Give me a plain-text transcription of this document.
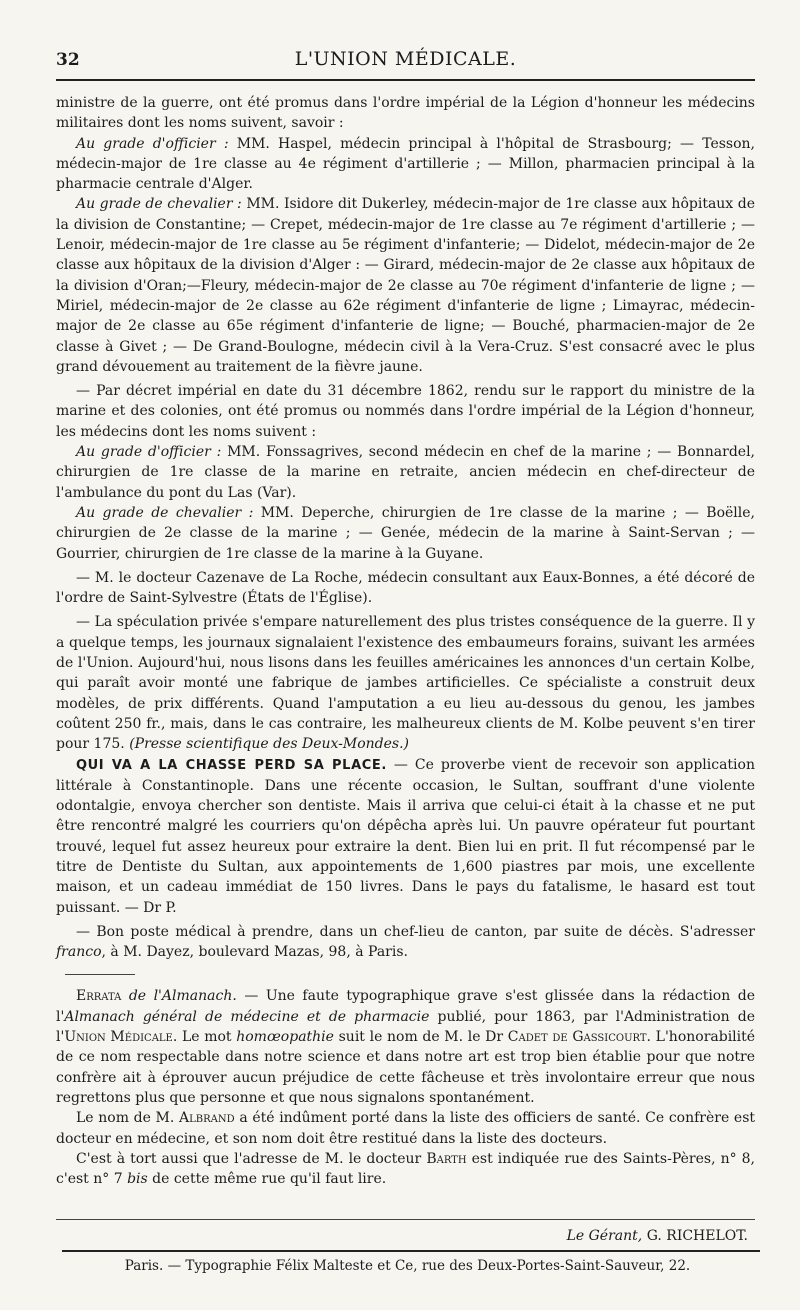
32	L'UNION MÉDICALE.

ministre de la guerre, ont été promus dans l'ordre impérial de la Légion d'honneur les médecins militaires dont les noms suivent, savoir :

Au grade d'officier : MM. Haspel, médecin principal à l'hôpital de Strasbourg; — Tesson, médecin-major de 1re classe au 4e régiment d'artillerie ; — Millon, pharmacien principal à la pharmacie centrale d'Alger.

Au grade de chevalier : MM. Isidore dit Dukerley, médecin-major de 1re classe aux hôpitaux de la division de Constantine; — Crepet, médecin-major de 1re classe au 7e régiment d'artillerie ; — Lenoir, médecin-major de 1re classe au 5e régiment d'infanterie; — Didelot, médecin-major de 2e classe aux hôpitaux de la division d'Alger : — Girard, médecin-major de 2e classe aux hôpitaux de la division d'Oran;—Fleury, médecin-major de 2e classe au 70e régiment d'infanterie de ligne ; — Miriel, médecin-major de 2e classe au 62e régiment d'infanterie de ligne ; Limayrac, médecin-major de 2e classe au 65e régiment d'infanterie de ligne; — Bouché, pharmacien-major de 2e classe à Givet ; — De Grand-Boulogne, médecin civil à la Vera-Cruz. S'est consacré avec le plus grand dévouement au traitement de la fièvre jaune.

— Par décret impérial en date du 31 décembre 1862, rendu sur le rapport du ministre de la marine et des colonies, ont été promus ou nommés dans l'ordre impérial de la Légion d'honneur, les médecins dont les noms suivent :

Au grade d'officier : MM. Fonssagrives, second médecin en chef de la marine ; — Bonnardel, chirurgien de 1re classe de la marine en retraite, ancien médecin en chef-directeur de l'ambulance du pont du Las (Var).

Au grade de chevalier : MM. Deperche, chirurgien de 1re classe de la marine ; — Boëlle, chirurgien de 2e classe de la marine ; — Genée, médecin de la marine à Saint-Servan ; — Gourrier, chirurgien de 1re classe de la marine à la Guyane.

— M. le docteur Cazenave de La Roche, médecin consultant aux Eaux-Bonnes, a été décoré de l'ordre de Saint-Sylvestre (États de l'Église).

— La spéculation privée s'empare naturellement des plus tristes conséquence de la guerre. Il y a quelque temps, les journaux signalaient l'existence des embaumeurs forains, suivant les armées de l'Union. Aujourd'hui, nous lisons dans les feuilles américaines les annonces d'un certain Kolbe, qui paraît avoir monté une fabrique de jambes artificielles. Ce spécialiste a construit deux modèles, de prix différents. Quand l'amputation a eu lieu au-dessous du genou, les jambes coûtent 250 fr., mais, dans le cas contraire, les malheureux clients de M. Kolbe peuvent s'en tirer pour 175. (Presse scientifique des Deux-Mondes.)

QUI VA A LA CHASSE PERD SA PLACE. — Ce proverbe vient de recevoir son application littérale à Constantinople. Dans une récente occasion, le Sultan, souffrant d'une violente odontalgie, envoya chercher son dentiste. Mais il arriva que celui-ci était à la chasse et ne put être rencontré malgré les courriers qu'on dépêcha après lui. Un pauvre opérateur fut pourtant trouvé, lequel fut assez heureux pour extraire la dent. Bien lui en prit. Il fut récompensé par le titre de Dentiste du Sultan, aux appointements de 1,600 piastres par mois, une excellente maison, et un cadeau immédiat de 150 livres. Dans le pays du fatalisme, le hasard est tout puissant. — Dr P.

— Bon poste médical à prendre, dans un chef-lieu de canton, par suite de décès. S'adresser franco, à M. Dayez, boulevard Mazas, 98, à Paris.

Errata de l'Almanach. — Une faute typographique grave s'est glissée dans la rédaction de l'Almanach général de médecine et de pharmacie publié, pour 1863, par l'Administration de l'Union Médicale. Le mot homœopathie suit le nom de M. le Dr Cadet de Gassicourt. L'honorabilité de ce nom respectable dans notre science et dans notre art est trop bien établie pour que notre confrère ait à éprouver aucun préjudice de cette fâcheuse et très involontaire erreur que nous regrettons plus que personne et que nous signalons spontanément.

Le nom de M. Albrand a été indûment porté dans la liste des officiers de santé. Ce confrère est docteur en médecine, et son nom doit être restitué dans la liste des docteurs.

C'est à tort aussi que l'adresse de M. le docteur Barth est indiquée rue des Saints-Pères, n° 8, c'est n° 7 bis de cette même rue qu'il faut lire.

Le Gérant, G. RICHELOT.
Paris. — Typographie Félix Malteste et Ce, rue des Deux-Portes-Saint-Sauveur, 22.
